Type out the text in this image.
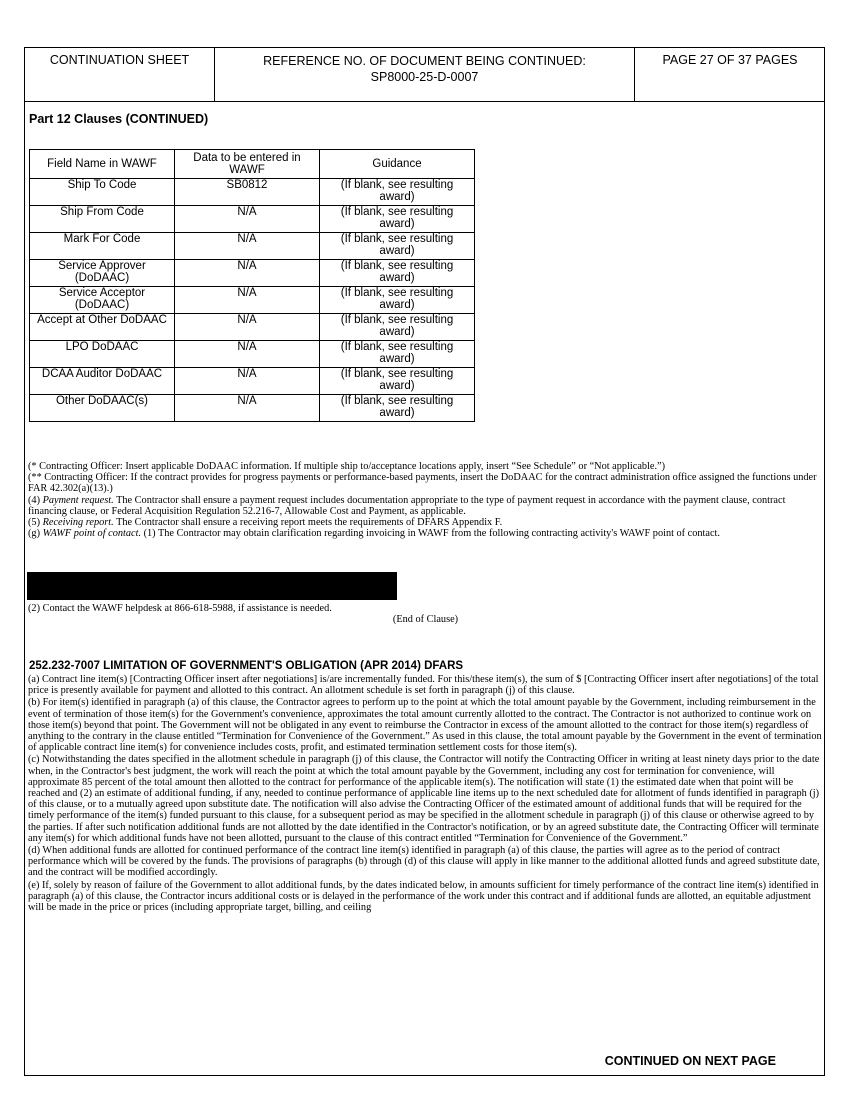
CONTINUATION SHEET	REFERENCE NO. OF DOCUMENT BEING CONTINUED:
SP8000-25-D-0007
PAGE 27 OF 37 PAGES
Part 12 Clauses (CONTINUED)
Field Name in WAWF	Data to be entered in WAWF	Guidance
Ship To Code	SB0812	(If blank, see resulting award)
Ship From Code	N/A	(If blank, see resulting award)
Mark For Code	N/A	(If blank, see resulting award)
Service Approver (DoDAAC)	N/A	(If blank, see resulting award)
Service Acceptor (DoDAAC)	N/A	(If blank, see resulting award)
Accept at Other DoDAAC	N/A	(If blank, see resulting award)
LPO DoDAAC	N/A	(If blank, see resulting award)
DCAA Auditor DoDAAC	N/A	(If blank, see resulting award)
Other DoDAAC(s)	N/A	(If blank, see resulting award)

(* Contracting Officer: Insert applicable DoDAAC information. If multiple ship to/acceptance locations apply, insert “See Schedule” or “Not applicable.”)

(** Contracting Officer: If the contract provides for progress payments or performance-based payments, insert the DoDAAC for the contract administration office assigned the functions under FAR 42.302(a)(13).)

(4) Payment request. The Contractor shall ensure a payment request includes documentation appropriate to the type of payment request in accordance with the payment clause, contract financing clause, or Federal Acquisition Regulation 52.216-7, Allowable Cost and Payment, as applicable.

(5) Receiving report. The Contractor shall ensure a receiving report meets the requirements of DFARS Appendix F.

(g) WAWF point of contact. (1) The Contractor may obtain clarification regarding invoicing in WAWF from the following contracting activity's WAWF point of contact.

(2) Contact the WAWF helpdesk at 866-618-5988, if assistance is needed.

(End of Clause)

252.232-7007 LIMITATION OF GOVERNMENT'S OBLIGATION (APR 2014) DFARS

(a) Contract line item(s) [Contracting Officer insert after negotiations] is/are incrementally funded. For this/these item(s), the sum of $ [Contracting Officer insert after negotiations] of the total price is presently available for payment and allotted to this contract. An allotment schedule is set forth in paragraph (j) of this clause.

(b) For item(s) identified in paragraph (a) of this clause, the Contractor agrees to perform up to the point at which the total amount payable by the Government, including reimbursement in the event of termination of those item(s) for the Government's convenience, approximates the total amount currently allotted to the contract. The Contractor is not authorized to continue work on those item(s) beyond that point. The Government will not be obligated in any event to reimburse the Contractor in excess of the amount allotted to the contract for those item(s) regardless of anything to the contrary in the clause entitled “Termination for Convenience of the Government.” As used in this clause, the total amount payable by the Government in the event of termination of applicable contract line item(s) for convenience includes costs, profit, and estimated termination settlement costs for those item(s).

(c) Notwithstanding the dates specified in the allotment schedule in paragraph (j) of this clause, the Contractor will notify the Contracting Officer in writing at least ninety days prior to the date when, in the Contractor's best judgment, the work will reach the point at which the total amount payable by the Government, including any cost for termination for convenience, will approximate 85 percent of the total amount then allotted to the contract for performance of the applicable item(s). The notification will state (1) the estimated date when that point will be reached and (2) an estimate of additional funding, if any, needed to continue performance of applicable line items up to the next scheduled date for allotment of funds identified in paragraph (j) of this clause, or to a mutually agreed upon substitute date. The notification will also advise the Contracting Officer of the estimated amount of additional funds that will be required for the timely performance of the item(s) funded pursuant to this clause, for a subsequent period as may be specified in the allotment schedule in paragraph (j) of this clause or otherwise agreed to by the parties. If after such notification additional funds are not allotted by the date identified in the Contractor's notification, or by an agreed substitute date, the Contracting Officer will terminate any item(s) for which additional funds have not been allotted, pursuant to the clause of this contract entitled “Termination for Convenience of the Government.”

(d) When additional funds are allotted for continued performance of the contract line item(s) identified in paragraph (a) of this clause, the parties will agree as to the period of contract performance which will be covered by the funds. The provisions of paragraphs (b) through (d) of this clause will apply in like manner to the additional allotted funds and agreed substitute date, and the contract will be modified accordingly.

(e) If, solely by reason of failure of the Government to allot additional funds, by the dates indicated below, in amounts sufficient for timely performance of the contract line item(s) identified in paragraph (a) of this clause, the Contractor incurs additional costs or is delayed in the performance of the work under this contract and if additional funds are allotted, an equitable adjustment will be made in the price or prices (including appropriate target, billing, and ceiling

CONTINUED ON NEXT PAGE
